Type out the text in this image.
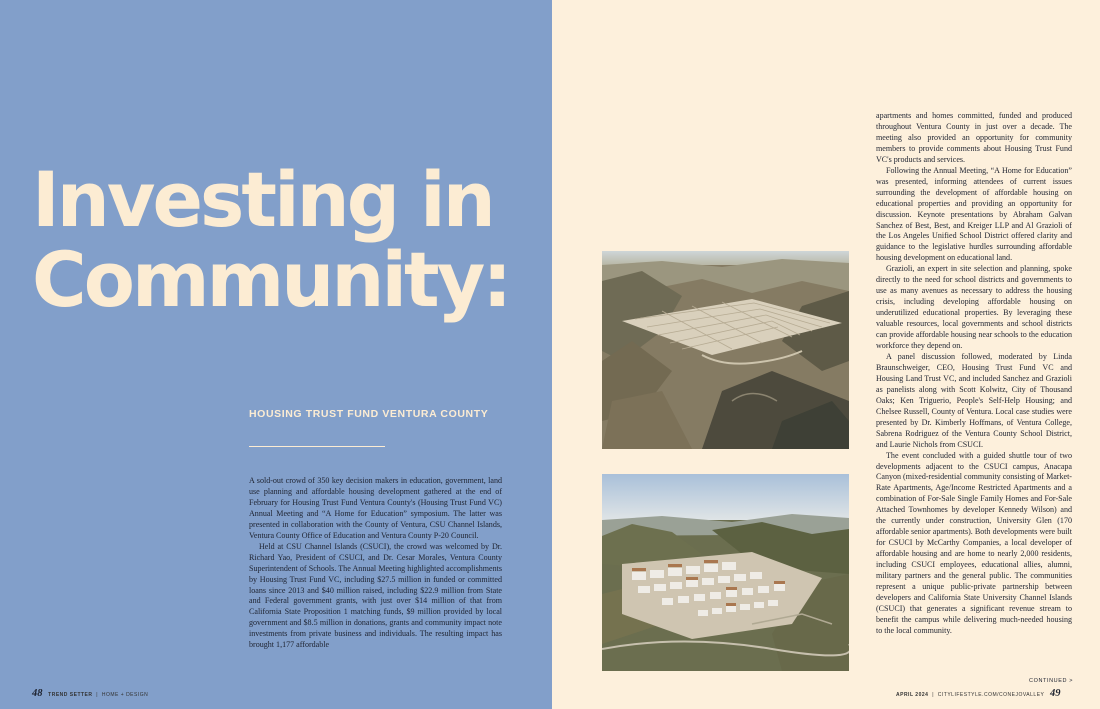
Investing in
Community:
HOUSING TRUST FUND VENTURA COUNTY

A sold-out crowd of 350 key decision makers in education, government, land use planning and affordable housing development gathered at the end of February for Housing Trust Fund Ventura County's (Housing Trust Fund VC) Annual Meeting and “A Home for Education” symposium. The latter was presented in collaboration with the County of Ventura, CSU Channel Islands, Ventura County Office of Education and Ventura County P-20 Council.

Held at CSU Channel Islands (CSUCI), the crowd was welcomed by Dr. Richard Yao, President of CSUCI, and Dr. Cesar Morales, Ventura County Superintendent of Schools. The Annual Meeting highlighted accomplishments by Housing Trust Fund VC, including $27.5 million in funded or committed loans since 2013 and $40 million raised, including $22.9 million from State and Federal government grants, with just over $14 million of that from California State Proposition 1 matching funds, $9 million provided by local government and $8.5 million in donations, grants and community impact note investments from private business and individuals. The resulting impact has brought 1,177 affordable

48 TREND SETTER  |  HOME + DESIGN

apartments and homes committed, funded and produced throughout Ventura County in just over a decade. The meeting also provided an opportunity for community members to provide comments about Housing Trust Fund VC's products and services.

Following the Annual Meeting, “A Home for Education” was presented, informing attendees of current issues surrounding the development of affordable housing on educational properties and providing an opportunity for discussion. Keynote presentations by Abraham Galvan Sanchez of Best, Best, and Kreiger LLP and Al Grazioli of the Los Angeles Unified School District offered clarity and guidance to the legislative hurdles surrounding affordable housing development on educational land.

Grazioli, an expert in site selection and planning, spoke directly to the need for school districts and governments to use as many avenues as necessary to address the housing crisis, including developing affordable housing on underutilized educational properties. By leveraging these valuable resources, local governments and school districts can provide affordable housing near schools to the education workforce they depend on.

A panel discussion followed, moderated by Linda Braunschweiger, CEO, Housing Trust Fund VC and Housing Land Trust VC, and included Sanchez and Grazioli as panelists along with Scott Kolwitz, City of Thousand Oaks; Ken Triguerio, People's Self-Help Housing; and Chelsee Russell, County of Ventura. Local case studies were presented by Dr. Kimberly Hoffmans, of Ventura College, Sabrena Rodriguez of the Ventura County School District, and Laurie Nichols from CSUCI.

The event concluded with a guided shuttle tour of two developments adjacent to the CSUCI campus, Anacapa Canyon (mixed-residential community consisting of Market-Rate Apartments, Age/Income Restricted Apartments and a combination of For-Sale Single Family Homes and For-Sale Attached Townhomes by developer Kennedy Wilson) and the currently under construction, University Glen (170 affordable senior apartments). Both developments were built for CSUCI by McCarthy Companies, a local developer of affordable housing and are home to nearly 2,000 residents, including CSUCI employees, educational allies, alumni, military partners and the general public. The communities represent a unique public-private partnership between developers and California State University Channel Islands (CSUCI) that generates a significant revenue stream to benefit the campus while delivering much-needed housing to the local community.

CONTINUED >
APRIL 2024  |  CITYLIFESTYLE.COM/CONEJOVALLEY 49
